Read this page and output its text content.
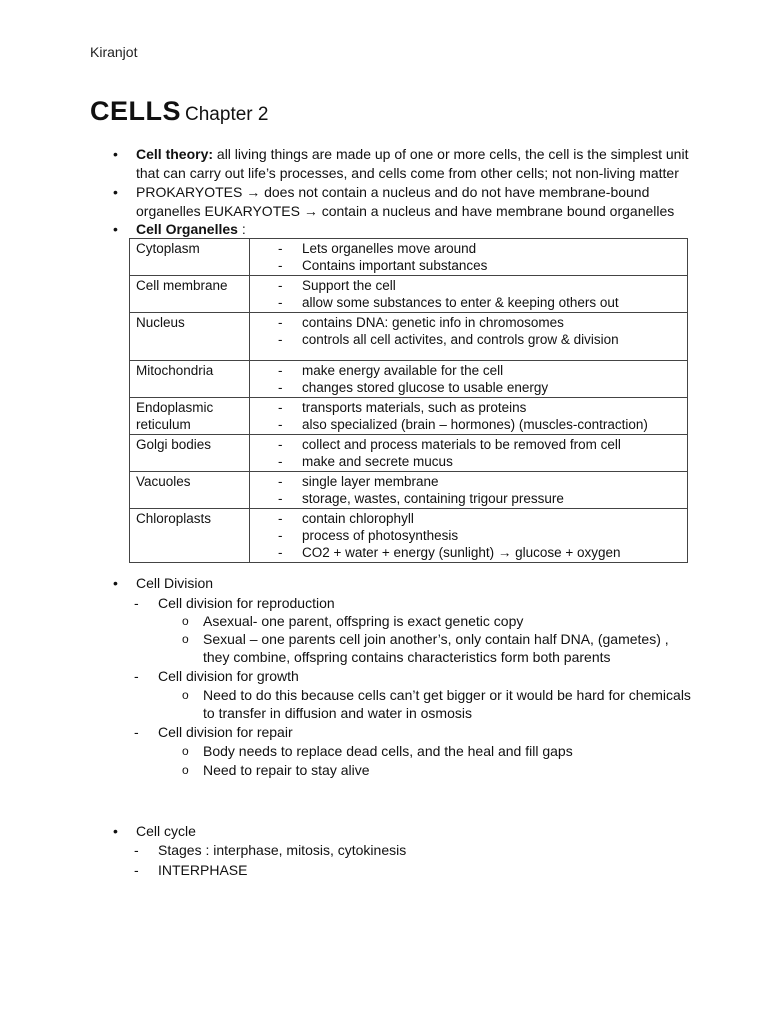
Kiranjot
CELLS Chapter 2
• Cell theory: all living things are made up of one or more cells, the cell is the simplest unit
that can carry out life’s processes, and cells come from other cells; not non-living matter
• PROKARYOTES → does not contain a nucleus and do not have membrane-bound
organelles EUKARYOTES → contain a nucleus and have membrane bound organelles
• Cell Organelles :
Cytoplasm	- Lets organelles move around
- Contains important substances

Cell membrane	- Support the cell
- allow some substances to enter & keeping others out

Nucleus	- contains DNA: genetic info in chromosomes
- controls all cell activites, and controls grow & division

Mitochondria	- make energy available for the cell
- changes stored glucose to usable energy

Endoplasmic reticulum	- transports materials, such as proteins
- also specialized (brain – hormones) (muscles-contraction)

Golgi bodies	- collect and process materials to be removed from cell
- make and secrete mucus

Vacuoles	- single layer membrane
- storage, wastes, containing trigour pressure

Chloroplasts	- contain chlorophyll
- process of photosynthesis
- CO2 + water + energy (sunlight) → glucose + oxygen
• Cell Division
- Cell division for reproduction
o Asexual- one parent, offspring is exact genetic copy
o Sexual – one parents cell join another’s, only contain half DNA, (gametes) ,
they combine, offspring contains characteristics form both parents
- Cell division for growth
o Need to do this because cells can’t get bigger or it would be hard for chemicals
to transfer in diffusion and water in osmosis
- Cell division for repair
o Body needs to replace dead cells, and the heal and fill gaps
o Need to repair to stay alive
• Cell cycle
- Stages : interphase, mitosis, cytokinesis
- INTERPHASE
